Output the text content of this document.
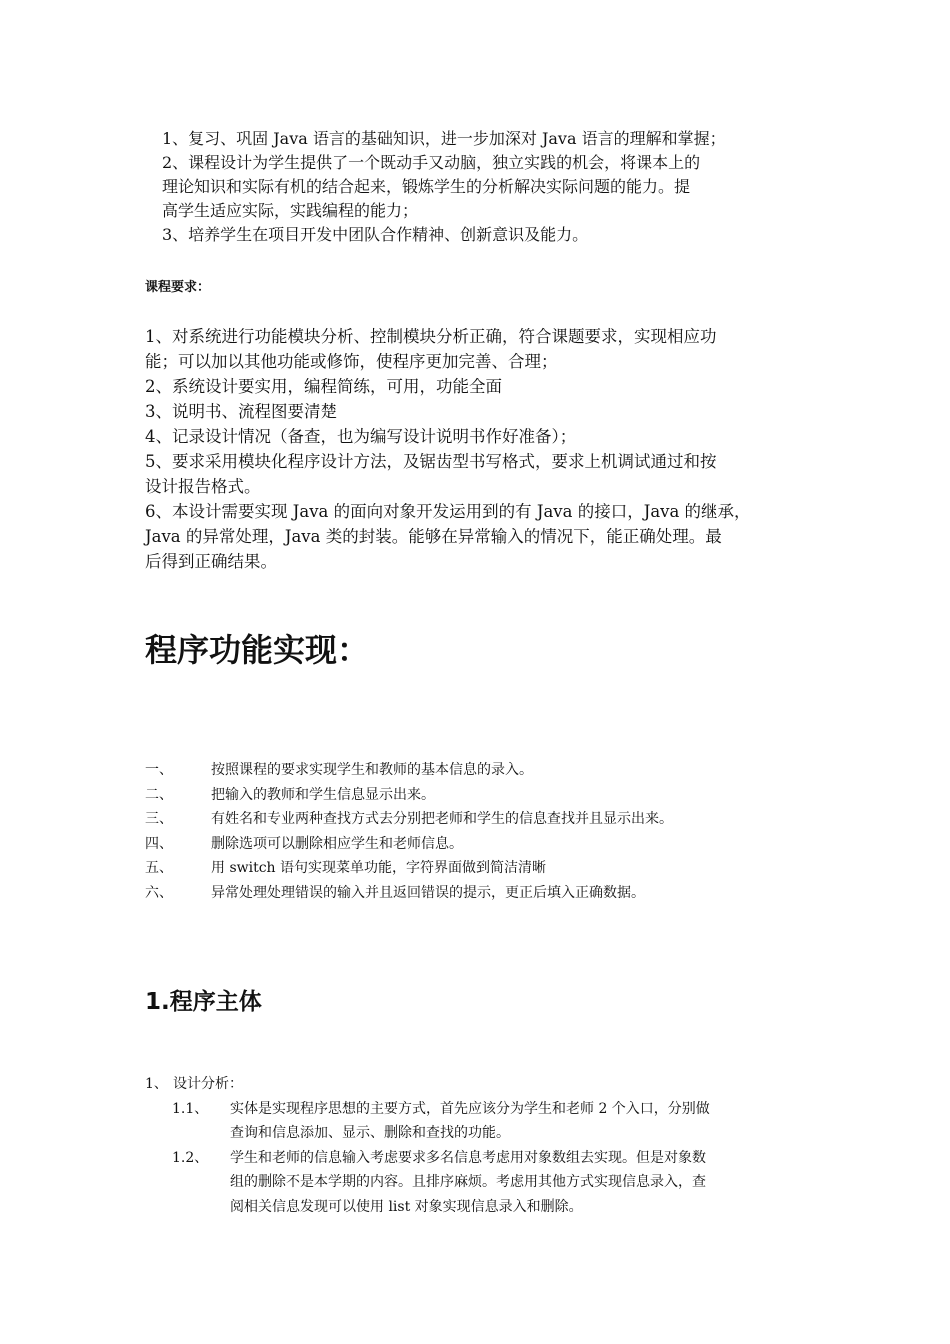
1、复习、巩固 Java 语言的基础知识，进一步加深对 Java 语言的理解和掌握；
2、课程设计为学生提供了一个既动手又动脑，独立实践的机会，将课本上的
理论知识和实际有机的结合起来，锻炼学生的分析解决实际问题的能力。提
高学生适应实际，实践编程的能力；
3、培养学生在项目开发中团队合作精神、创新意识及能力。
课程要求：
1、对系统进行功能模块分析、控制模块分析正确，符合课题要求，实现相应功
能；可以加以其他功能或修饰，使程序更加完善、合理；
2、系统设计要实用，编程简练，可用，功能全面
3、说明书、流程图要清楚
4、记录设计情况（备查，也为编写设计说明书作好准备）；
5、要求采用模块化程序设计方法，及锯齿型书写格式，要求上机调试通过和按
设计报告格式。
6、本设计需要实现 Java 的面向对象开发运用到的有 Java 的接口，Java 的继承，
Java 的异常处理，Java 类的封装。能够在异常输入的情况下，能正确处理。最
后得到正确结果。
程序功能实现：
一、	按照课程的要求实现学生和教师的基本信息的录入。
二、	把输入的教师和学生信息显示出来。
三、	有姓名和专业两种查找方式去分别把老师和学生的信息查找并且显示出来。
四、	删除选项可以删除相应学生和老师信息。
五、	用 switch 语句实现菜单功能，字符界面做到简洁清晰
六、	异常处理处理错误的输入并且返回错误的提示，更正后填入正确数据。
1.程序主体
1、 设计分析：
1.1、	实体是实现程序思想的主要方式，首先应该分为学生和老师 2 个入口，分别做
查询和信息添加、显示、删除和查找的功能。
1.2、	学生和老师的信息输入考虑要求多名信息考虑用对象数组去实现。但是对象数
组的删除不是本学期的内容。且排序麻烦。考虑用其他方式实现信息录入，查
阅相关信息发现可以使用 list 对象实现信息录入和删除。
